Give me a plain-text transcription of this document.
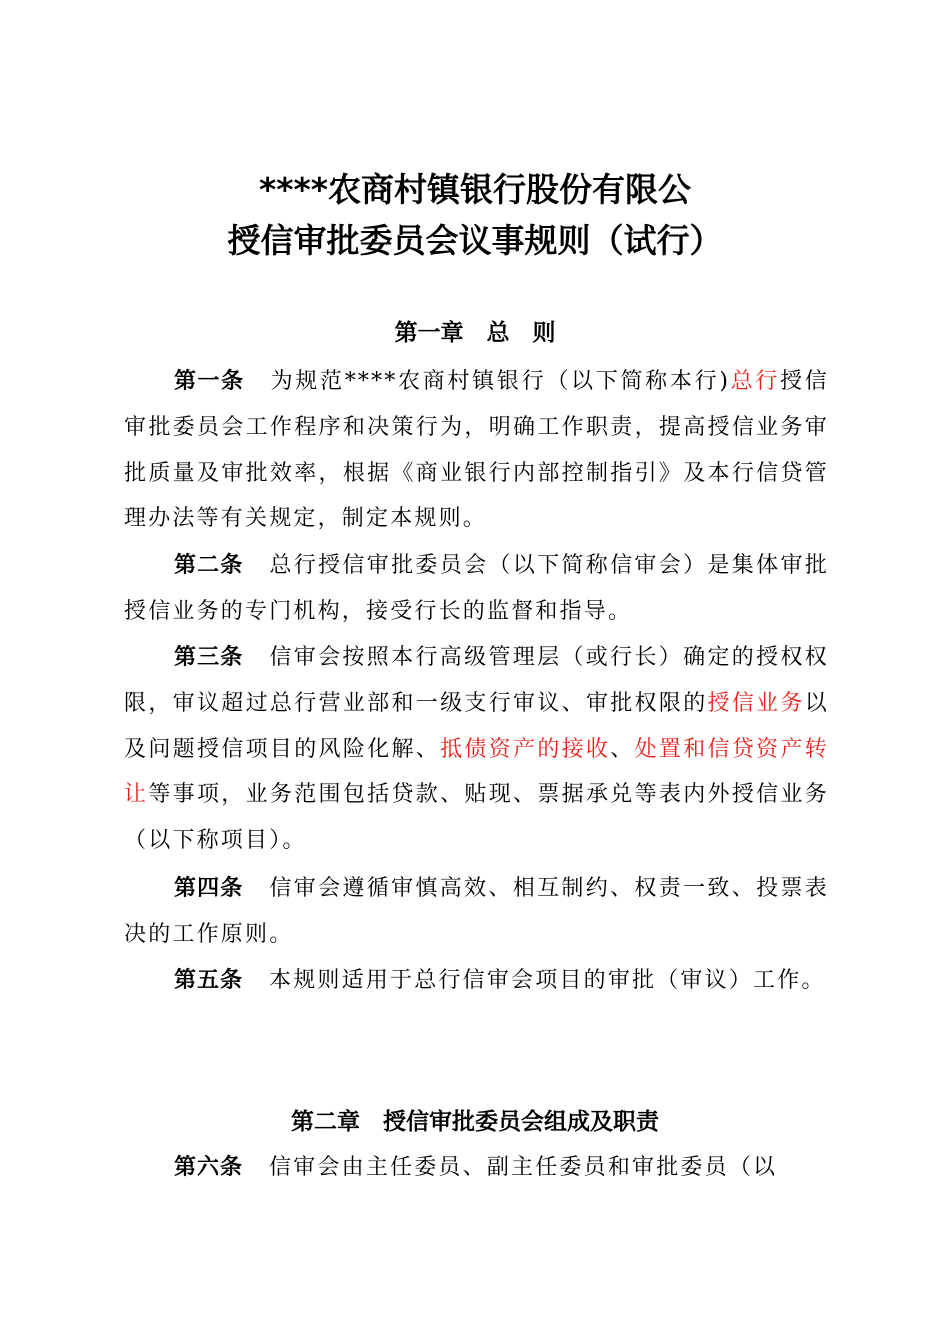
****农商村镇银行股份有限公
授信审批委员会议事规则（试行）
第一章　总　则

第一条 为规范****农商村镇银行（以下简称本行)总行授信审批委员会工作程序和决策行为，明确工作职责，提高授信业务审批质量及审批效率，根据《商业银行内部控制指引》及本行信贷管理办法等有关规定，制定本规则。

第二条 总行授信审批委员会（以下简称信审会）是集体审批授信业务的专门机构，接受行长的监督和指导。

第三条 信审会按照本行高级管理层（或行长）确定的授权权限，审议超过总行营业部和一级支行审议、审批权限的授信业务以及问题授信项目的风险化解、抵债资产的接收、处置和信贷资产转让等事项，业务范围包括贷款、贴现、票据承兑等表内外授信业务（以下称项目）。

第四条 信审会遵循审慎高效、相互制约、权责一致、投票表决的工作原则。

第五条 本规则适用于总行信审会项目的审批（审议）工作。

第二章　授信审批委员会组成及职责

第六条 信审会由主任委员、副主任委员和审批委员（以
